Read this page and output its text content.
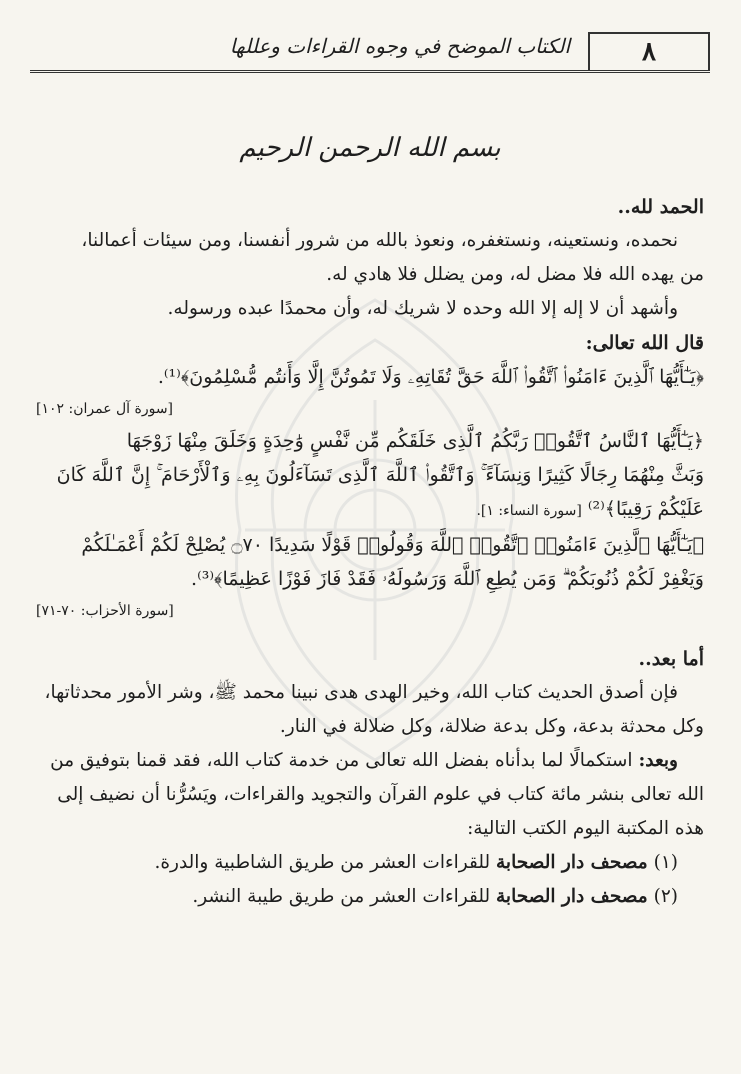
٨
الكتاب الموضح في وجوه القراءات وعللها
بسم الله الرحمن الرحيم

الحمد لله..

نحمده، ونستعينه، ونستغفره، ونعوذ بالله من شرور أنفسنا، ومن سيئات أعمالنا،

من يهده الله فلا مضل له، ومن يضلل فلا هادي له.

وأشهد أن لا إله إلا الله وحده لا شريك له، وأن محمدًا عبده ورسوله.

قال الله تعالى:

﴿يَـٰٓأَيُّهَا ٱلَّذِينَ ءَامَنُوا۟ ٱتَّقُوا۟ ٱللَّهَ حَقَّ تُقَاتِهِۦ وَلَا تَمُوتُنَّ إِلَّا وَأَنتُم مُّسْلِمُونَ﴾⁽¹⁾.

[سورة آل عمران: ١٠٢]

﴿يَـٰٓأَيُّهَا ٱلنَّاسُ ٱتَّقُوا۟ رَبَّكُمُ ٱلَّذِى خَلَقَكُم مِّن نَّفْسٍ وَٰحِدَةٍ وَخَلَقَ مِنْهَا زَوْجَهَا

وَبَثَّ مِنْهُمَا رِجَالًا كَثِيرًا وَنِسَآءً ۚ وَٱتَّقُوا۟ ٱللَّهَ ٱلَّذِى تَسَآءَلُونَ بِهِۦ وَٱلْأَرْحَامَ ۚ إِنَّ ٱللَّهَ كَانَ

عَلَيْكُمْ رَقِيبًا﴾⁽²⁾ [سورة النساء: ١].

﴿يَـٰٓأَيُّهَا ٱلَّذِينَ ءَامَنُوا۟ ٱتَّقُوا۟ ٱللَّهَ وَقُولُوا۟ قَوْلًا سَدِيدًا ۝٧٠ يُصْلِحْ لَكُمْ أَعْمَـٰلَكُمْ

وَيَغْفِرْ لَكُمْ ذُنُوبَكُمْ ۗ وَمَن يُطِعِ ٱللَّهَ وَرَسُولَهُۥ فَقَدْ فَازَ فَوْزًا عَظِيمًا﴾⁽³⁾.

[سورة الأحزاب: ٧٠-٧١]

أما بعد..

فإن أصدق الحديث كتاب الله، وخير الهدى هدى نبينا محمد ﷺ، وشر الأمور محدثاتها،

وكل محدثة بدعة، وكل بدعة ضلالة، وكل ضلالة في النار.

وبعد: استكمالًا لما بدأناه بفضل الله تعالى من خدمة كتاب الله، فقد قمنا بتوفيق من

الله تعالى بنشر مائة كتاب في علوم القرآن والتجويد والقراءات، ويَسُرُّنا أن نضيف إلى

هذه المكتبة اليوم الكتب التالية:

(١) مصحف دار الصحابة للقراءات العشر من طريق الشاطبية والدرة.

(٢) مصحف دار الصحابة للقراءات العشر من طريق طيبة النشر.
